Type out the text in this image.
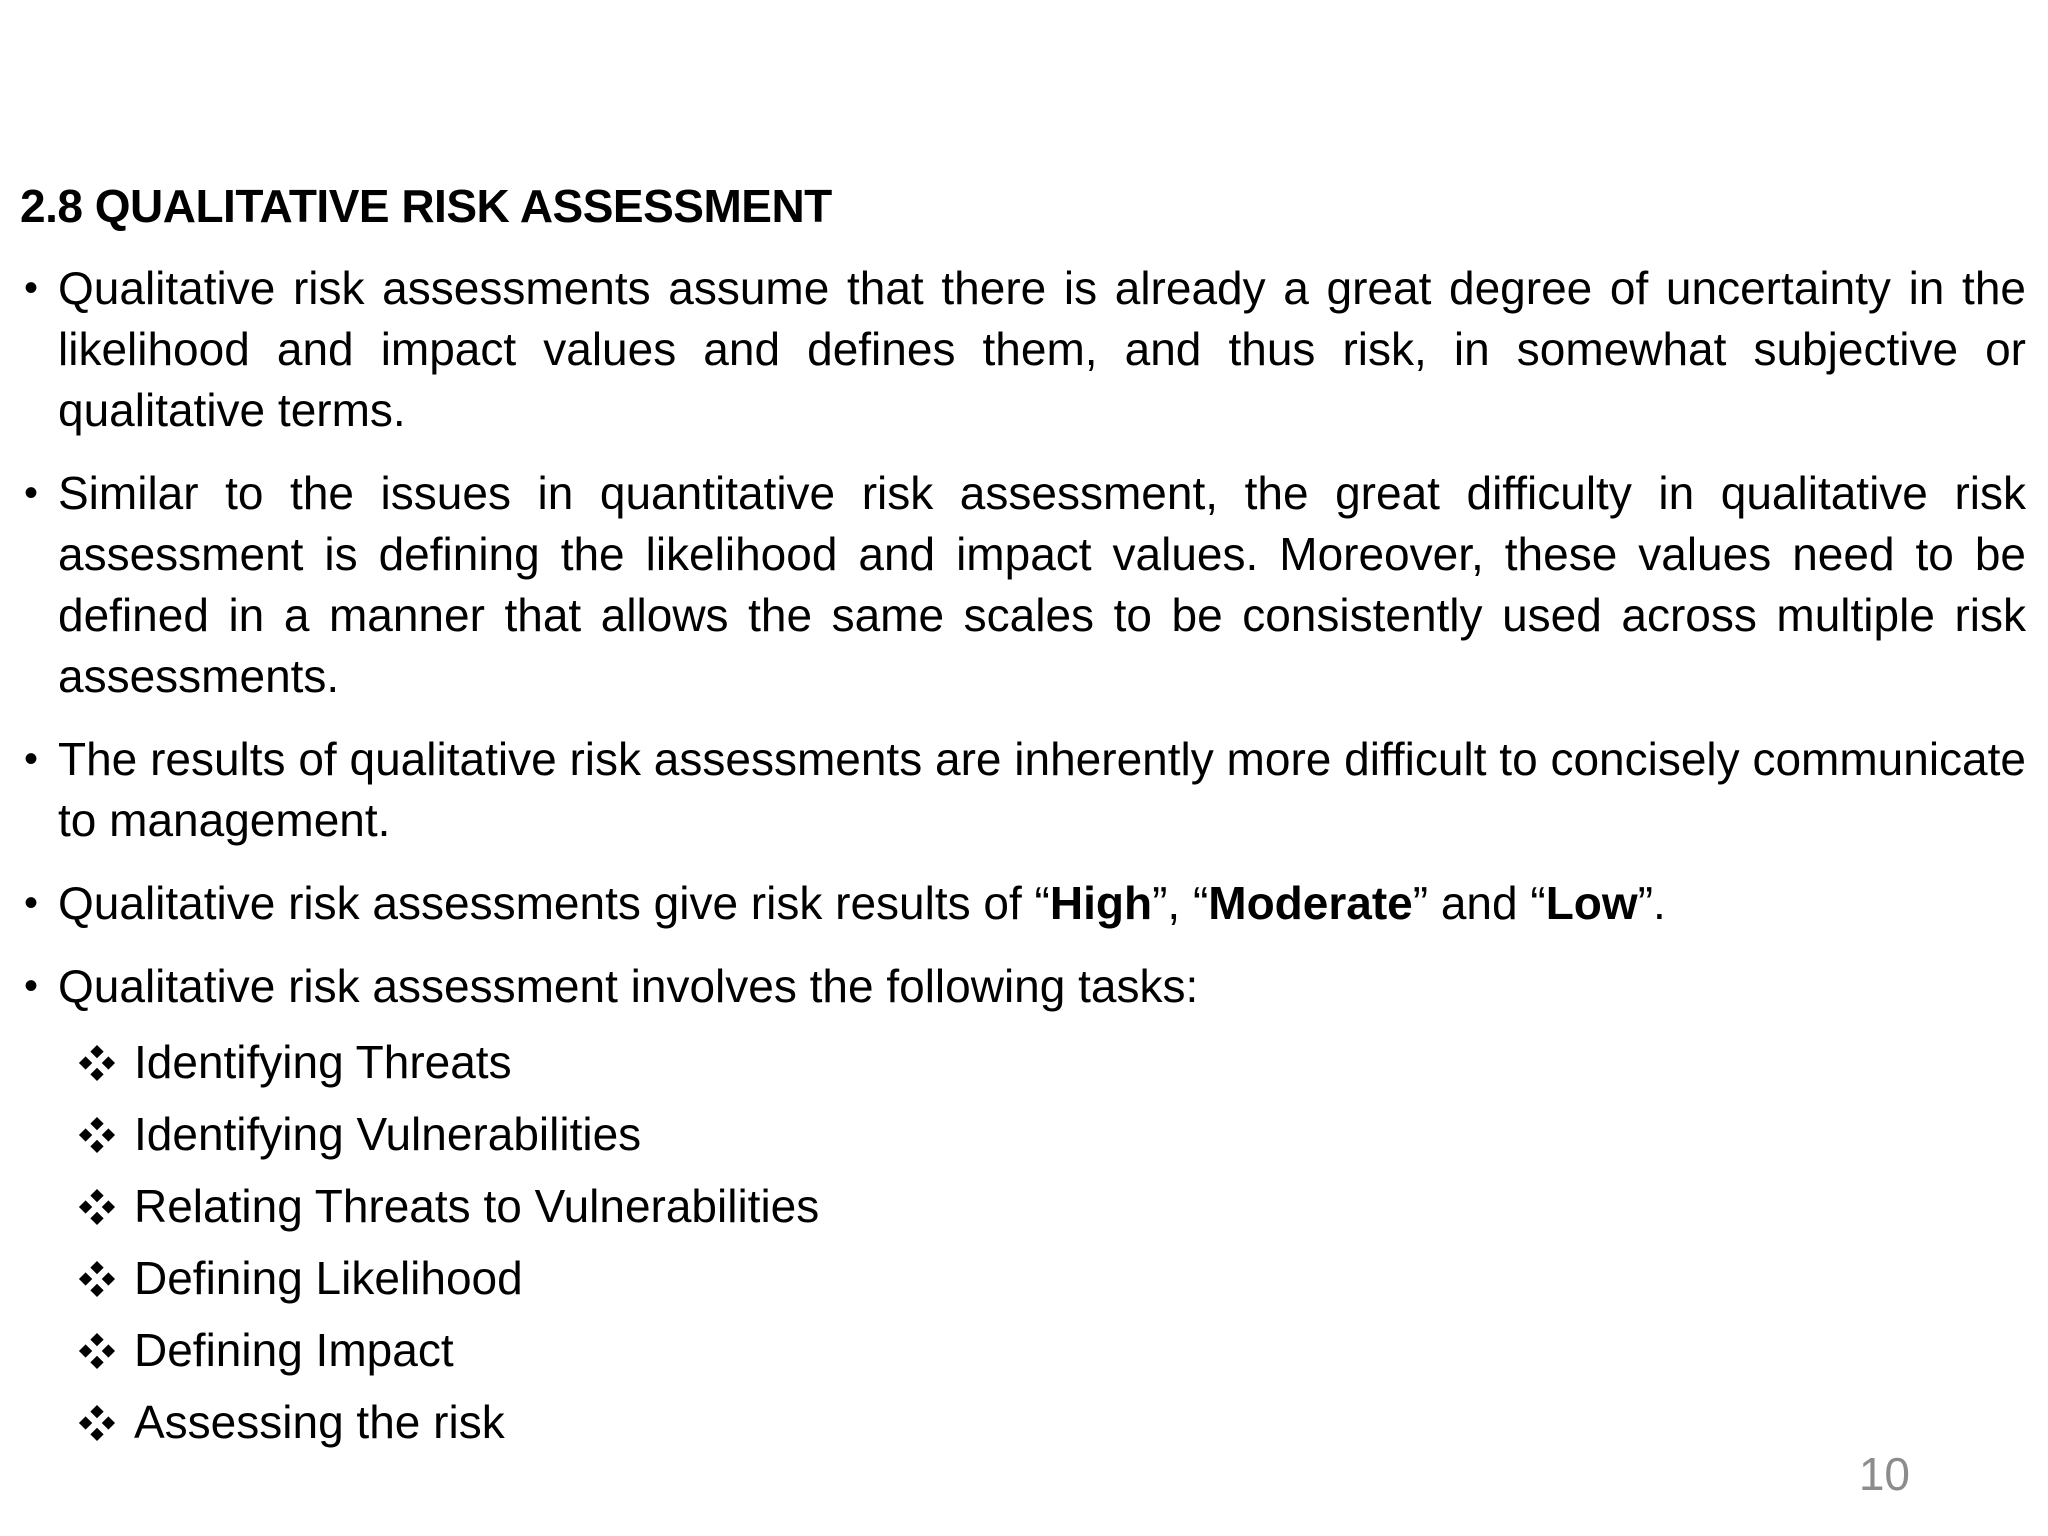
2.8 QUALITATIVE RISK ASSESSMENT
• Qualitative risk assessments assume that there is already a great degree of uncertainty in the likelihood and impact values and defines them, and thus risk, in somewhat subjective or qualitative terms.
• Similar to the issues in quantitative risk assessment, the great difficulty in qualitative risk assessment is defining the likelihood and impact values. Moreover, these values need to be defined in a manner that allows the same scales to be consistently used across multiple risk assessments.
• The results of qualitative risk assessments are inherently more difficult to concisely communicate to management.
• Qualitative risk assessments give risk results of “High”, “Moderate” and “Low”.
• Qualitative risk assessment involves the following tasks:
Identifying Threats
Identifying Vulnerabilities
Relating Threats to Vulnerabilities
Defining Likelihood
Defining Impact
Assessing the risk
10
